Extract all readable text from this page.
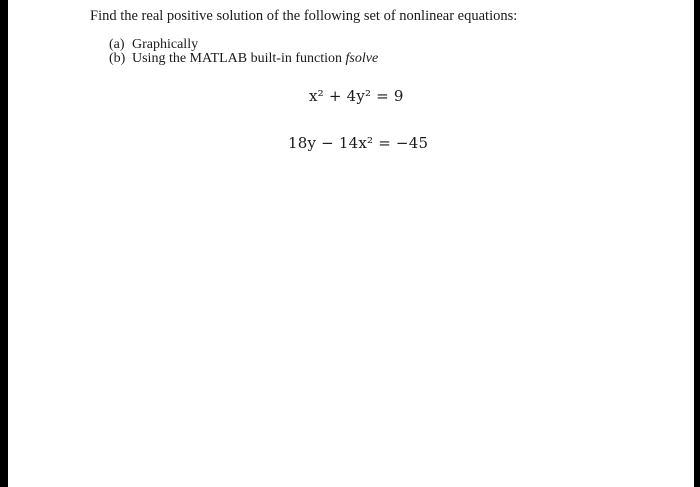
Find the real positive solution of the following set of nonlinear equations:
(a) Graphically
(b) Using the MATLAB built-in function fsolve
x² + 4y² = 9
18y − 14x² = −45
